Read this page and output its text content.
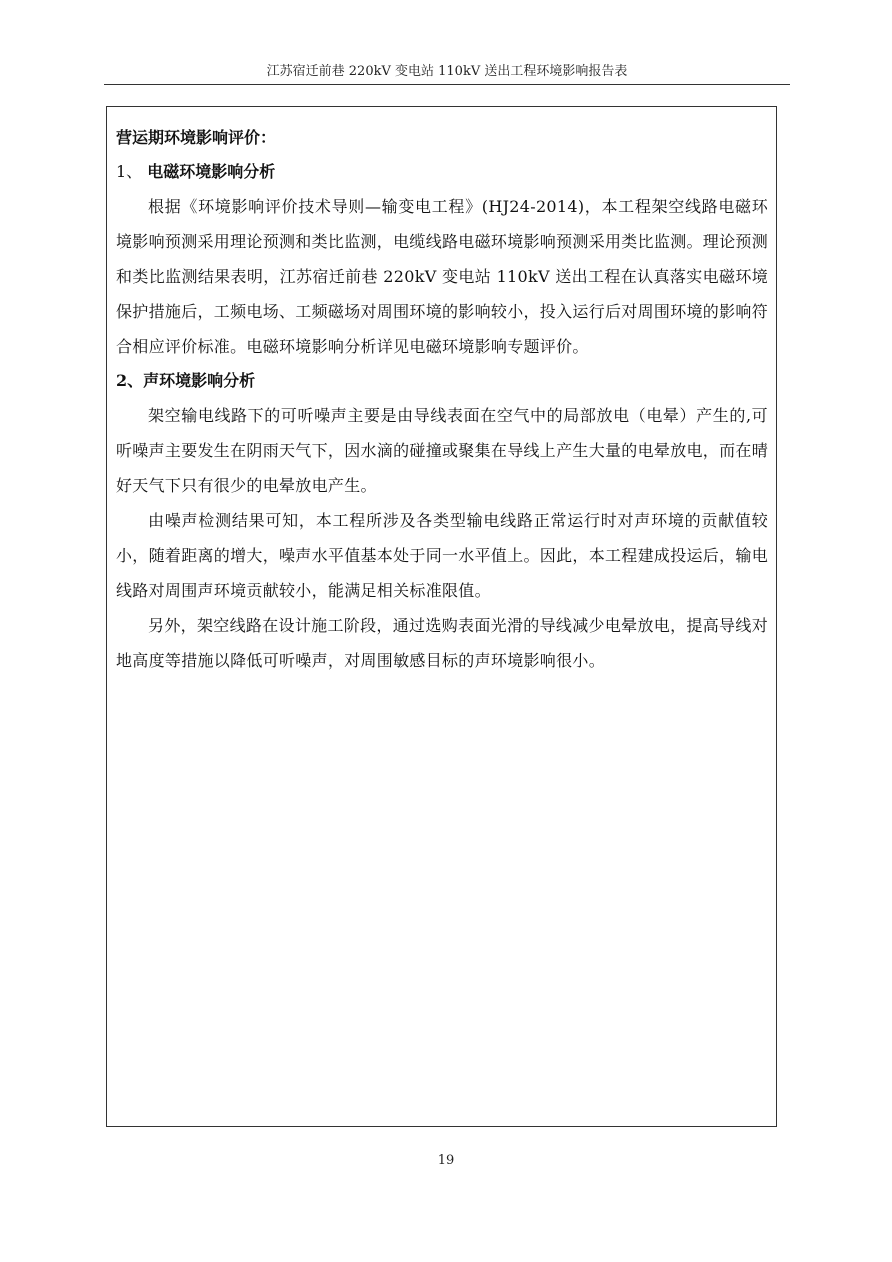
江苏宿迁前巷 220kV 变电站 110kV 送出工程环境影响报告表

营运期环境影响评价：

1、 电磁环境影响分析

根据《环境影响评价技术导则—输变电工程》(HJ24-2014)，本工程架空线路电磁环境影响预测采用理论预测和类比监测，电缆线路电磁环境影响预测采用类比监测。理论预测和类比监测结果表明，江苏宿迁前巷 220kV 变电站 110kV 送出工程在认真落实电磁环境保护措施后，工频电场、工频磁场对周围环境的影响较小，投入运行后对周围环境的影响符合相应评价标准。电磁环境影响分析详见电磁环境影响专题评价。

2、声环境影响分析

架空输电线路下的可听噪声主要是由导线表面在空气中的局部放电（电晕）产生的,可听噪声主要发生在阴雨天气下，因水滴的碰撞或聚集在导线上产生大量的电晕放电，而在晴好天气下只有很少的电晕放电产生。

由噪声检测结果可知，本工程所涉及各类型输电线路正常运行时对声环境的贡献值较小，随着距离的增大，噪声水平值基本处于同一水平值上。因此，本工程建成投运后，输电线路对周围声环境贡献较小，能满足相关标准限值。

另外，架空线路在设计施工阶段，通过选购表面光滑的导线减少电晕放电，提高导线对地高度等措施以降低可听噪声，对周围敏感目标的声环境影响很小。

19
